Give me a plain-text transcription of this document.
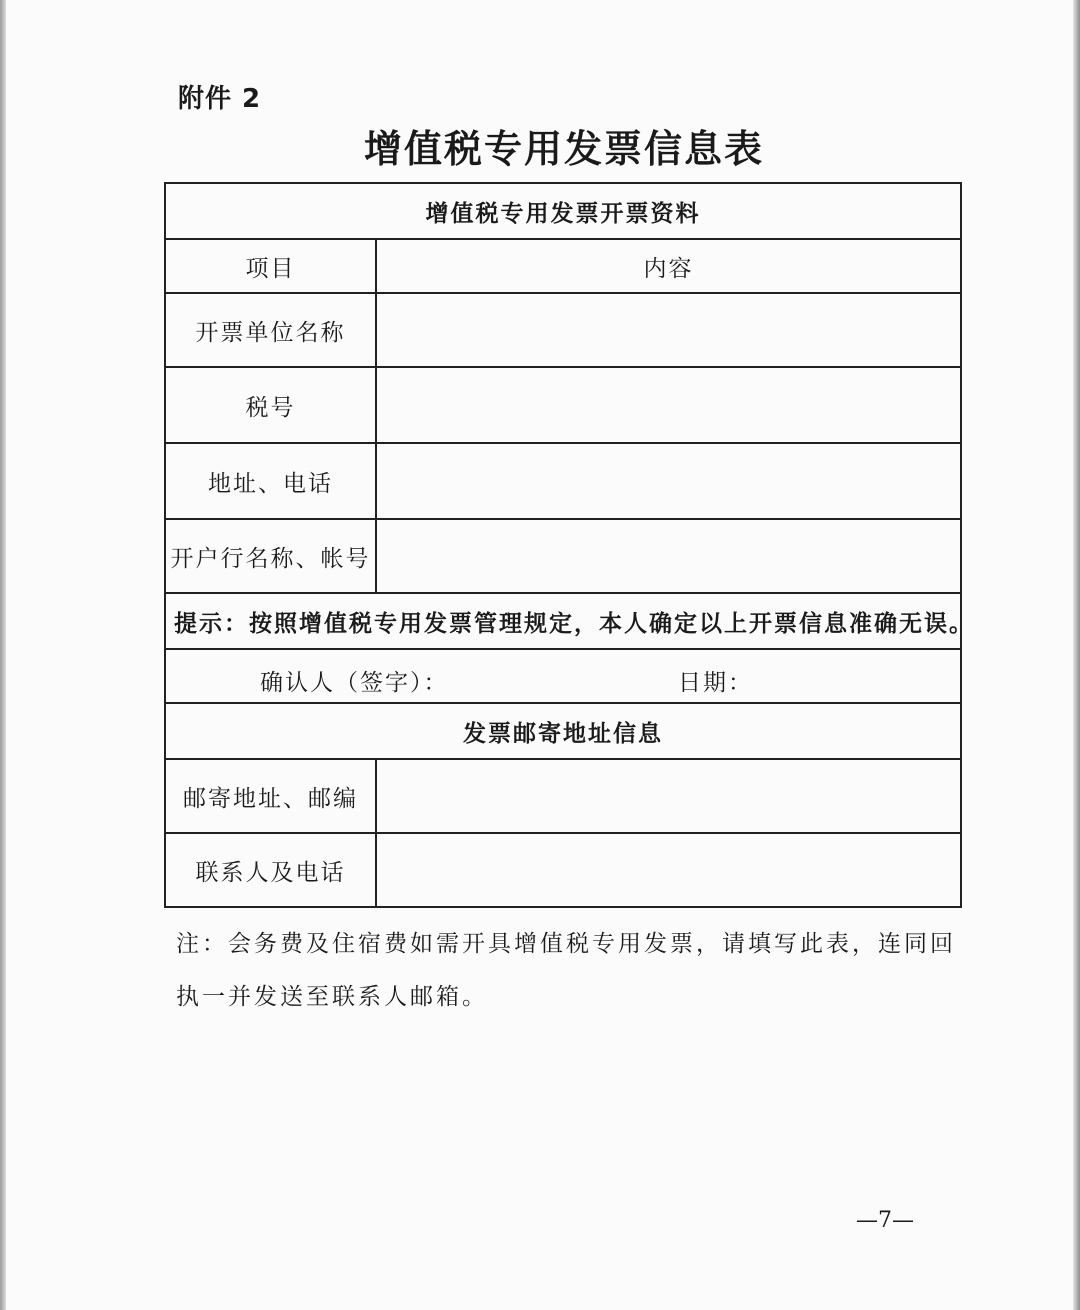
附件 2
增值税专用发票信息表
增值税专用发票开票资料	
项目	内容
开票单位名称	
税号	
地址、电话	
开户行名称、帐号	
提示：按照增值税专用发票管理规定，本人确定以上开票信息准确无误。	

确认人（签字）： 日期：	

发票邮寄地址信息	
邮寄地址、邮编	
联系人及电话	
注：会务费及住宿费如需开具增值税专用发票，请填写此表，连同回执一并发送至联系人邮箱。
—7—
